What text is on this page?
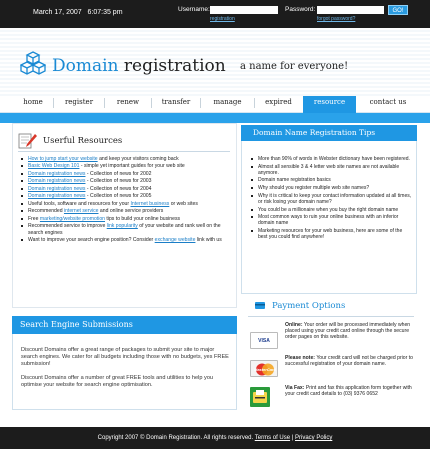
March 17, 2007 6:07:35 pm	Username:	Password:
registration	forgot password?
GO!
Domain registration a name for everyone!
home	register	renew	transfer	manage	expired	resource	contact us
Userful Resources
How to jump start your website and keep your visitors coming back
Basic Web Design 101 - simple yet important guides for your web site
Domain registration news - Collection of news for 2002
Domain registration news - Collection of news for 2003
Domain registration news - Collection of news for 2004
Domain registration news - Collection of news for 2005
Useful tools, software and resources for your Internet business or web sites
Recommended internet service and online service providers
Free marketing/website promotion tips to build your online business
Recommended service to improve link popularity of your website and rank well on the search engines
Want to improve your search engine position? Consider exchange website link with us
Search Engine Submissions

Discount Domains offer a great range of packages to submit your site to major search engines. We cater for all budgets including those with no budgets, yes FREE submission!

Discount Domains offer a number of great FREE tools and utilities to help you optimise your website for search engine optimisation.

Domain Name Registration Tips
More than 90% of words in Webster dictionary have been registered.
Almost all sensible 3 & 4 letter web site names are not available anymore.
Domain name registration basics
Why should you register multiple web site names?
Why it is critical to keep your contact information updated at all times, or risk losing your domain name?
You could be a millionaire when you buy the right domain name
Most common ways to ruin your online business with an inferior domain name
Marketing resources for your web business, here are some of the best you could find anywhere!
Payment Options
VISA
Online: Your order will be processed immediately when placed using your credit card online through the secure order pages on this website.
MasterCard
Please note: Your credit card will not be charged prior to successful registration of your domain name.
Via Fax: Print and fax this application form together with your credit card details to (03) 9376 0652
Copyright 2007 © Domain Registration. All rights reserved. Terms of Use | Privacy Policy
